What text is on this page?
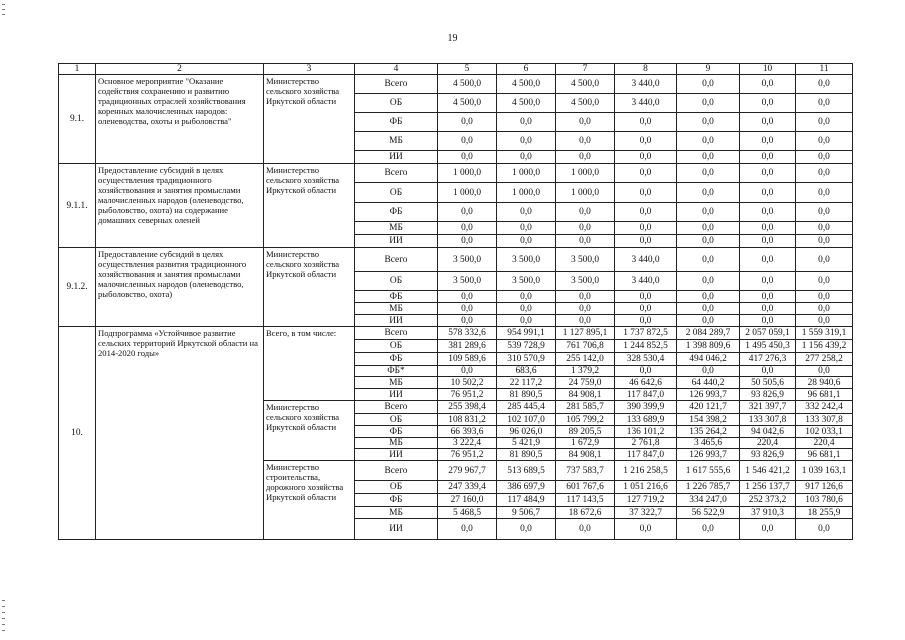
19
1	2	3	4	5	6	7	8	9	10	11
9.1.	Основное мероприятие "Оказание содействия сохранению и развитию традиционных отраслей хозяйствования коренных малочисленных народов: оленеводства, охоты и рыболовства"	Министерство сельского хозяйства Иркутской области	Всего	4 500,0	4 500,0	4 500,0	3 440,0	0,0	0,0	0,0
			ОБ	4 500,0	4 500,0	4 500,0	3 440,0	0,0	0,0	0,0
			ФБ	0,0	0,0	0,0	0,0	0,0	0,0	0,0
			МБ	0,0	0,0	0,0	0,0	0,0	0,0	0,0
			ИИ	0,0	0,0	0,0	0,0	0,0	0,0	0,0
9.1.1.	Предоставление субсидий в целях осуществления традиционного хозяйствования и занятия промыслами малочисленных народов (оленеводство, рыболовство, охота) на содержание домашних северных оленей	Министерство сельского хозяйства Иркутской области	Всего	1 000,0	1 000,0	1 000,0	0,0	0,0	0,0	0,0
			ОБ	1 000,0	1 000,0	1 000,0	0,0	0,0	0,0	0,0
			ФБ	0,0	0,0	0,0	0,0	0,0	0,0	0,0
			МБ	0,0	0,0	0,0	0,0	0,0	0,0	0,0
			ИИ	0,0	0,0	0,0	0,0	0,0	0,0	0,0
9.1.2.	Предоставление субсидий в целях осуществления развития традиционного хозяйствования и занятия промыслами малочисленных народов (оленеводство, рыболовство, охота)	Министерство сельского хозяйства Иркутской области	Всего	3 500,0	3 500,0	3 500,0	3 440,0	0,0	0,0	0,0
			ОБ	3 500,0	3 500,0	3 500,0	3 440,0	0,0	0,0	0,0
			ФБ	0,0	0,0	0,0	0,0	0,0	0,0	0,0
			МБ	0,0	0,0	0,0	0,0	0,0	0,0	0,0
			ИИ	0,0	0,0	0,0	0,0	0,0	0,0	0,0
10.	Подпрограмма «Устойчивое развитие сельских территорий Иркутской области на 2014-2020 годы»	Всего, в том числе:	Всего	578 332,6	954 991,1	1 127 895,1	1 737 872,5	2 084 289,7	2 057 059,1	1 559 319,1
			ОБ	381 289,6	539 728,9	761 706,8	1 244 852,5	1 398 809,6	1 495 450,3	1 156 439,2
			ФБ	109 589,6	310 570,9	255 142,0	328 530,4	494 046,2	417 276,3	277 258,2
			ФБ*	0,0	683,6	1 379,2	0,0	0,0	0,0	0,0
			МБ	10 502,2	22 117,2	24 759,0	46 642,6	64 440,2	50 505,6	28 940,6
			ИИ	76 951,2	81 890,5	84 908,1	117 847,0	126 993,7	93 826,9	96 681,1
		Министерство сельского хозяйства Иркутской области	Всего	255 398,4	285 445,4	281 585,7	390 399,9	420 121,7	321 397,7	332 242,4
			ОБ	108 831,2	102 107,0	105 799,2	133 689,9	154 398,2	133 307,8	133 307,8
			ФБ	66 393,6	96 026,0	89 205,5	136 101,2	135 264,2	94 042,6	102 033,1
			МБ	3 222,4	5 421,9	1 672,9	2 761,8	3 465,6	220,4	220,4
			ИИ	76 951,2	81 890,5	84 908,1	117 847,0	126 993,7	93 826,9	96 681,1
		Министерство строительства, дорожного хозяйства Иркутской области	Всего	279 967,7	513 689,5	737 583,7	1 216 258,5	1 617 555,6	1 546 421,2	1 039 163,1
			ОБ	247 339,4	386 697,9	601 767,6	1 051 216,6	1 226 785,7	1 256 137,7	917 126,6
			ФБ	27 160,0	117 484,9	117 143,5	127 719,2	334 247,0	252 373,2	103 780,6
			МБ	5 468,5	9 506,7	18 672,6	37 322,7	56 522,9	37 910,3	18 255,9
			ИИ	0,0	0,0	0,0	0,0	0,0	0,0	0,0
